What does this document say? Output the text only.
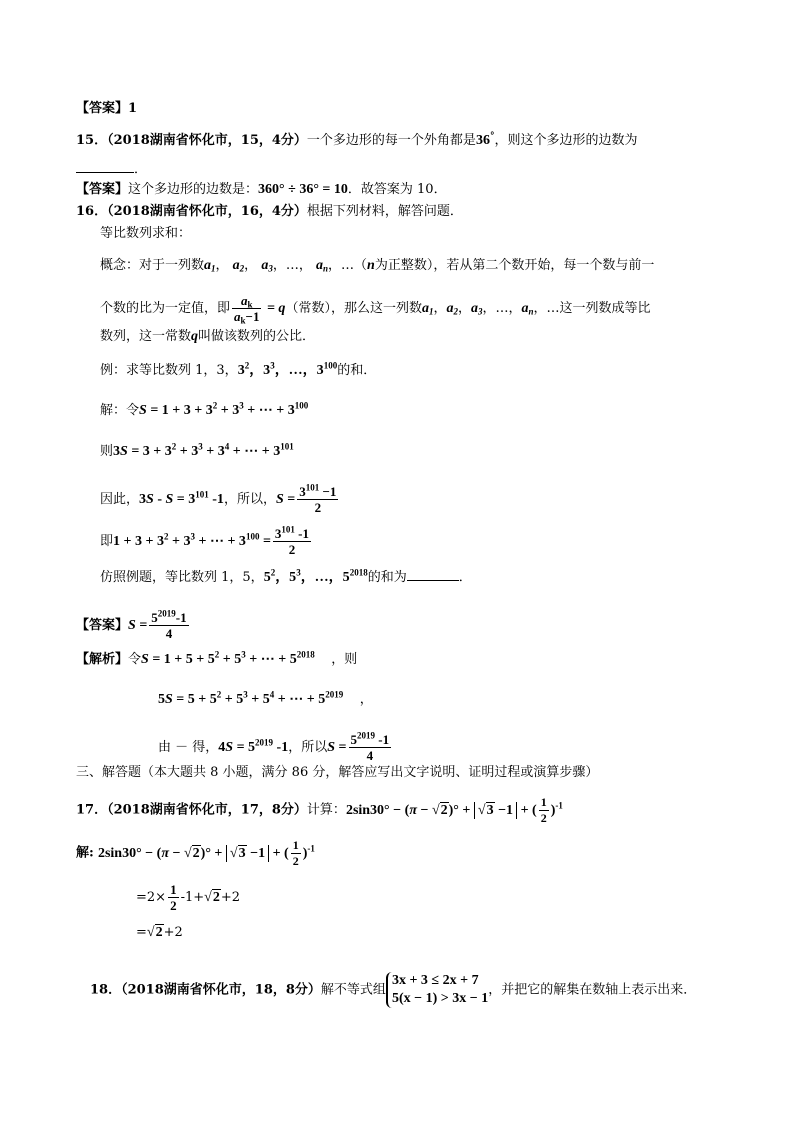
【答案】1
15．（2018湖南省怀化市，15，4分）一个多边形的每一个外角都是36°，则这个多边形的边数为
．
【答案】这个多边形的边数是：360° ÷ 36° = 10．故答案为 10．
16．（2018湖南省怀化市，16，4分）根据下列材料，解答问题．
等比数列求和：
概念：对于一列数$a_1$， $a_2$， $a_3$，…， $a_n$，…（n为正整数），若从第二个数开始，每一个数与前一
个数的比为一定值，即 $\frac{a_k}{a_k-1} = q$（常数），那么这一列数$a_1$，$a_2$，$a_3$，…，$a_n$，…这一列数成等比
数列，这一常数q叫做该数列的公比．
例：求等比数列 1，3，$3^2$，$3^3$，…，$3^{100}$的和．
解：令$S = 1 + 3 + 3^2 + 3^3$ + ⋯ + $3^{100}$
则$3S = 3 + 3^2 + 3^3 + 3^4$ + ⋯ + $3^{101}$
因此，$3S - S = 3^{101}$ -1，所以，$S = \frac{3^{101} -1}{2}$
即$1 + 3 + 3^2 + 3^3$ + ⋯ + $3^{100} = \frac{3^{101} -1}{2}$
仿照例题，等比数列 1，5，$5^2$，$5^3$，…，$5^{2018}$的和为	．
【答案】$S = \frac{5^{2019}-1}{4}$
【解析】令$S = 1 + 5 + 5^2 + 5^3$ + ⋯ + $5^{2018}$ ，则
$5S = 5 + 5^2 + 5^3 + 5^4$ + ⋯ + $5^{2019}$ ，
由 － 得，$4S = 5^{2019}$ -1，所以$S = \frac{5^{2019} -1}{4}$
三、解答题（本大题共 8 小题，满分 86 分，解答应写出文字说明、证明过程或演算步骤）
17．（2018湖南省怀化市，17，8分）计算：2sin30° − (π − √2)° + √3 −1 + ( $\frac{1}{2} )^{-1}$
解: 2sin30° − (π − √2)° + √3 −1 + ( $\frac{1}{2} )^{-1}$
$=2\times \frac{1}{2} -1+√2+2$
=√2+2
18．（2018湖南省怀化市，18，8分）解不等式组
3x + 3 ≤ 2x + 7
5(x − 1) > 3x − 1
，并把它的解集在数轴上表示出来．
